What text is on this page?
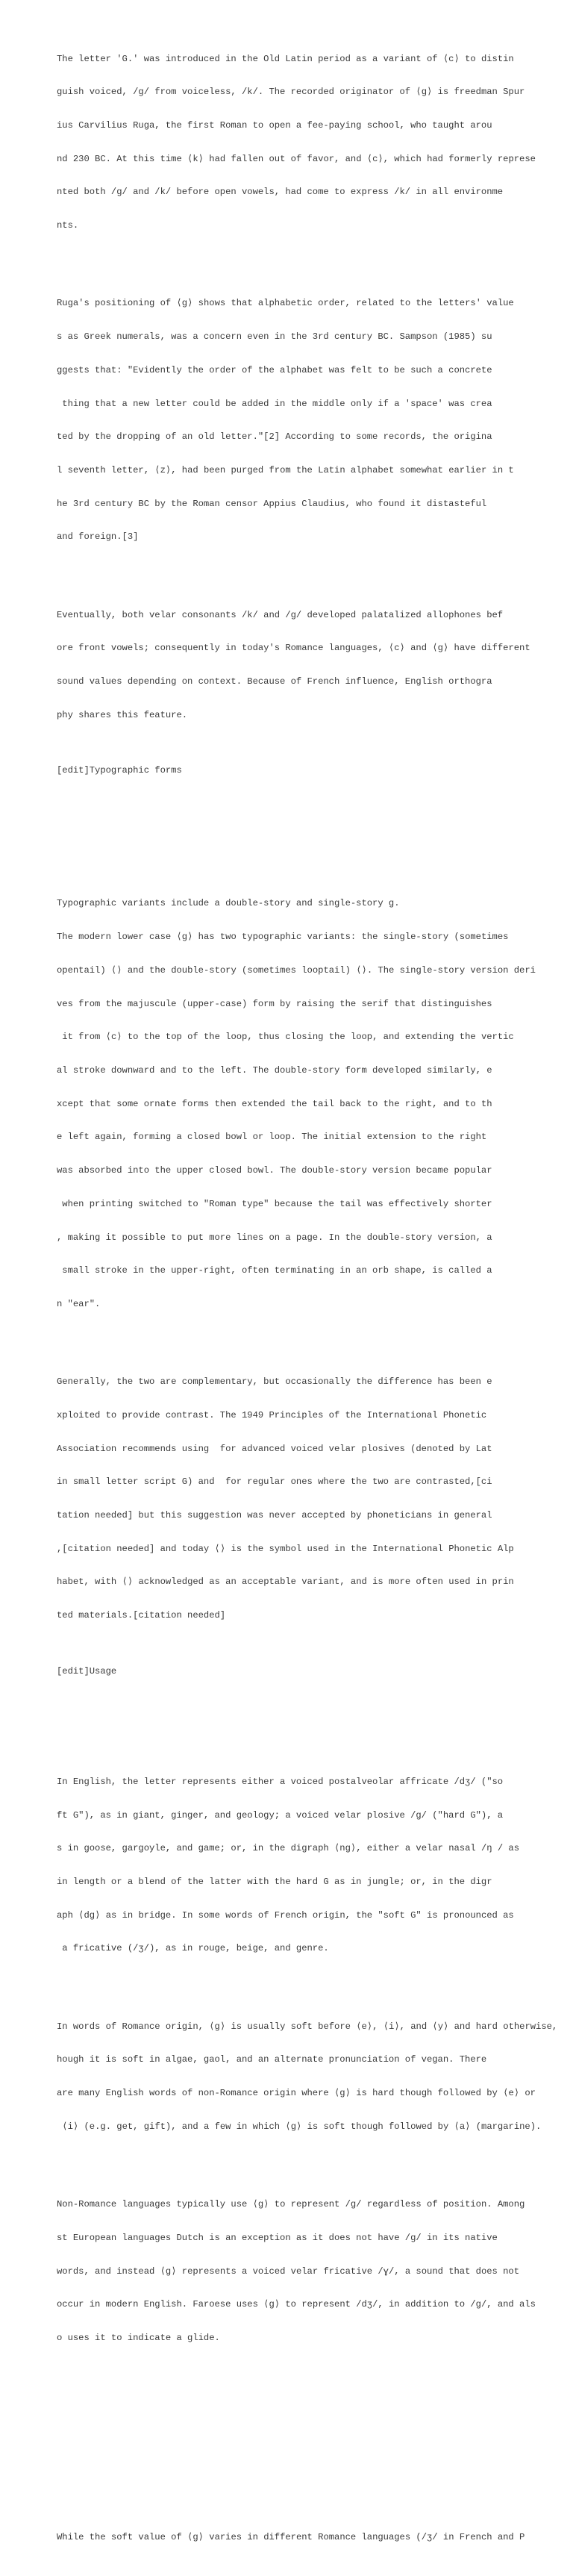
The letter 'G.' was introduced in the Old Latin period as a variant of ⟨c⟩ to distin

guish voiced, /ɡ/ from voiceless, /k/. The recorded originator of ⟨g⟩ is freedman Spur

ius Carvilius Ruga, the first Roman to open a fee-paying school, who taught arou

nd 230 BC. At this time ⟨k⟩ had fallen out of favor, and ⟨c⟩, which had formerly represe

nted both /ɡ/ and /k/ before open vowels, had come to express /k/ in all environme

nts.

Ruga's positioning of ⟨g⟩ shows that alphabetic order, related to the letters' value

s as Greek numerals, was a concern even in the 3rd century BC. Sampson (1985) su

ggests that: "Evidently the order of the alphabet was felt to be such a concrete

thing that a new letter could be added in the middle only if a 'space' was crea

ted by the dropping of an old letter."[2] According to some records, the origina

l seventh letter, ⟨z⟩, had been purged from the Latin alphabet somewhat earlier in t

he 3rd century BC by the Roman censor Appius Claudius, who found it distasteful

and foreign.[3]

Eventually, both velar consonants /k/ and /ɡ/ developed palatalized allophones bef

ore front vowels; consequently in today's Romance languages, ⟨c⟩ and ⟨g⟩ have different

sound values depending on context. Because of French influence, English orthogra

phy shares this feature.

[edit]Typographic forms

Typographic variants include a double-story and single-story g.

The modern lower case ⟨g⟩ has two typographic variants: the single-story (sometimes

opentail) ⟨⟩ and the double-story (sometimes looptail) ⟨⟩. The single-story version deri

ves from the majuscule (upper-case) form by raising the serif that distinguishes

it from ⟨c⟩ to the top of the loop, thus closing the loop, and extending the vertic

al stroke downward and to the left. The double-story form developed similarly, e

xcept that some ornate forms then extended the tail back to the right, and to th

e left again, forming a closed bowl or loop. The initial extension to the right

was absorbed into the upper closed bowl. The double-story version became popular

when printing switched to "Roman type" because the tail was effectively shorter

, making it possible to put more lines on a page. In the double-story version, a

small stroke in the upper-right, often terminating in an orb shape, is called a

n "ear".

Generally, the two are complementary, but occasionally the difference has been e

xploited to provide contrast. The 1949 Principles of the International Phonetic

Association recommends using  for advanced voiced velar plosives (denoted by Lat

in small letter script G) and  for regular ones where the two are contrasted,[ci

tation needed] but this suggestion was never accepted by phoneticians in general

,[citation needed] and today ⟨⟩ is the symbol used in the International Phonetic Alp

habet, with ⟨⟩ acknowledged as an acceptable variant, and is more often used in prin

ted materials.[citation needed]

[edit]Usage

In English, the letter represents either a voiced postalveolar affricate /dʒ/ ("so

ft G"), as in giant, ginger, and geology; a voiced velar plosive /ɡ/ ("hard G"), a

s in goose, gargoyle, and game; or, in the digraph ⟨ng⟩, either a velar nasal /ŋ / as

in length or a blend of the latter with the hard G as in jungle; or, in the digr

aph ⟨dg⟩ as in bridge. In some words of French origin, the "soft G" is pronounced as

a fricative (/ʒ/), as in rouge, beige, and genre.

In words of Romance origin, ⟨g⟩ is usually soft before ⟨e⟩, ⟨i⟩, and ⟨y⟩ and hard otherwise,

hough it is soft in algae, gaol, and an alternate pronunciation of vegan. There

are many English words of non-Romance origin where ⟨g⟩ is hard though followed by ⟨e⟩ or

⟨i⟩ (e.g. get, gift), and a few in which ⟨g⟩ is soft though followed by ⟨a⟩ (margarine).

Non-Romance languages typically use ⟨g⟩ to represent /ɡ/ regardless of position. Among

st European languages Dutch is an exception as it does not have /ɡ/ in its native

words, and instead ⟨g⟩ represents a voiced velar fricative /ɣ/, a sound that does not

occur in modern English. Faroese uses ⟨g⟩ to represent /dʒ/, in addition to /ɡ/, and als

o uses it to indicate a glide.

While the soft value of ⟨g⟩ varies in different Romance languages (/ʒ/ in French and P
